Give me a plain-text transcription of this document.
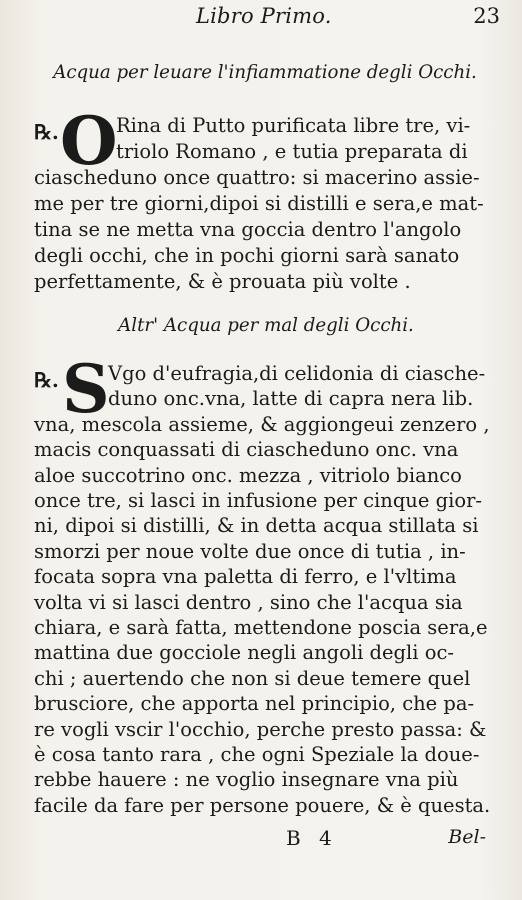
Libro Primo.	23
Acqua per leuare l'infiammatione degli Occhi.
℞. O
Rina di Putto purificata libre tre, vi-
triolo Romano , e tutia preparata di
ciascheduno once quattro: si macerino assie-
me per tre giorni,dipoi si distilli e sera,e mat-
tina se ne metta vna goccia dentro l'angolo
degli occhi, che in pochi giorni sarà sanato
perfettamente, & è prouata più volte .
Altr' Acqua per mal degli Occhi.
℞. S
Vgo d'eufragia,di celidonia di ciasche-
duno onc.vna, latte di capra nera lib.
vna, mescola assieme, & aggiongeui zenzero ,
macis conquassati di ciascheduno onc. vna
aloe succotrino onc. mezza , vitriolo bianco
once tre, si lasci in infusione per cinque gior-
ni, dipoi si distilli, & in detta acqua stillata si
smorzi per noue volte due once di tutia , in-
focata sopra vna paletta di ferro, e l'vltima
volta vi si lasci dentro , sino che l'acqua sia
chiara, e sarà fatta, mettendone poscia sera,e
mattina due gocciole negli angoli degli oc-
chi ; auertendo che non si deue temere quel
brusciore, che apporta nel principio, che pa-
re vogli vscir l'occhio, perche presto passa: &
è cosa tanto rara , che ogni Speziale la doue-
rebbe hauere : ne voglio insegnare vna più
facile da fare per persone pouere, & è questa.
B 4	Bel-
